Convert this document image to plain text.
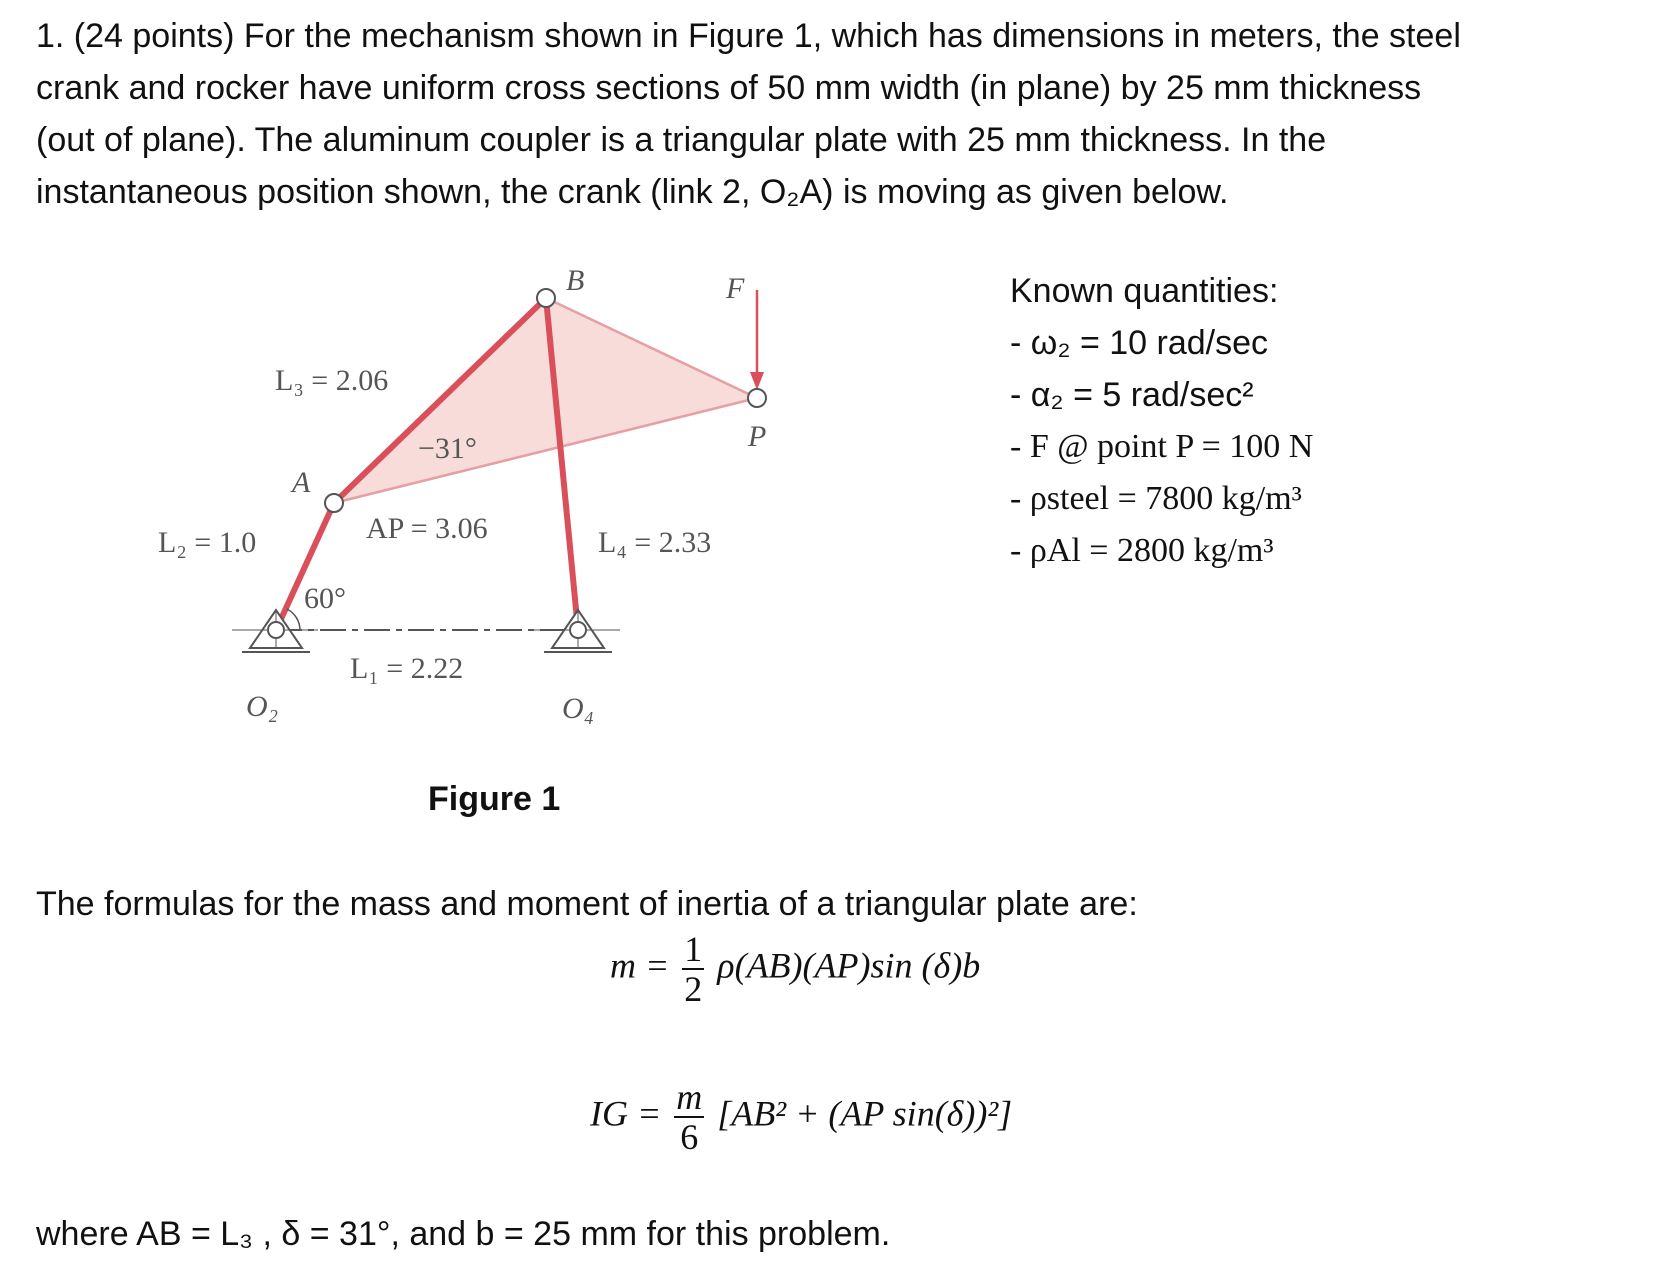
1. (24 points) For the mechanism shown in Figure 1, which has dimensions in meters, the steel
crank and rocker have uniform cross sections of 50 mm width (in plane) by 25 mm thickness
(out of plane). The aluminum coupler is a triangular plate with 25 mm thickness. In the
instantaneous position shown, the crank (link 2, O₂A) is moving as given below.
B	F
P
A
L₃ = 2.06
−31°
AP = 3.06
L₂ = 1.0	L₄ = 2.33
60°
L₁ = 2.22
O₂	O₄
Known quantities:
- ω₂ = 10 rad/sec
- α₂ = 5 rad/sec²
- F @ point P = 100 N
- ρsteel = 7800 kg/m³
- ρAl = 2800 kg/m³
Figure 1
The formulas for the mass and moment of inertia of a triangular plate are:
$m = \frac{1}{2} \rho(AB)(AP)\sin$ (δ)b
IG = $\frac{m}{6} [AB^2 + (AP$ sin(δ))²]
where AB = L₃ , δ = 31°, and b = 25 mm for this problem.
